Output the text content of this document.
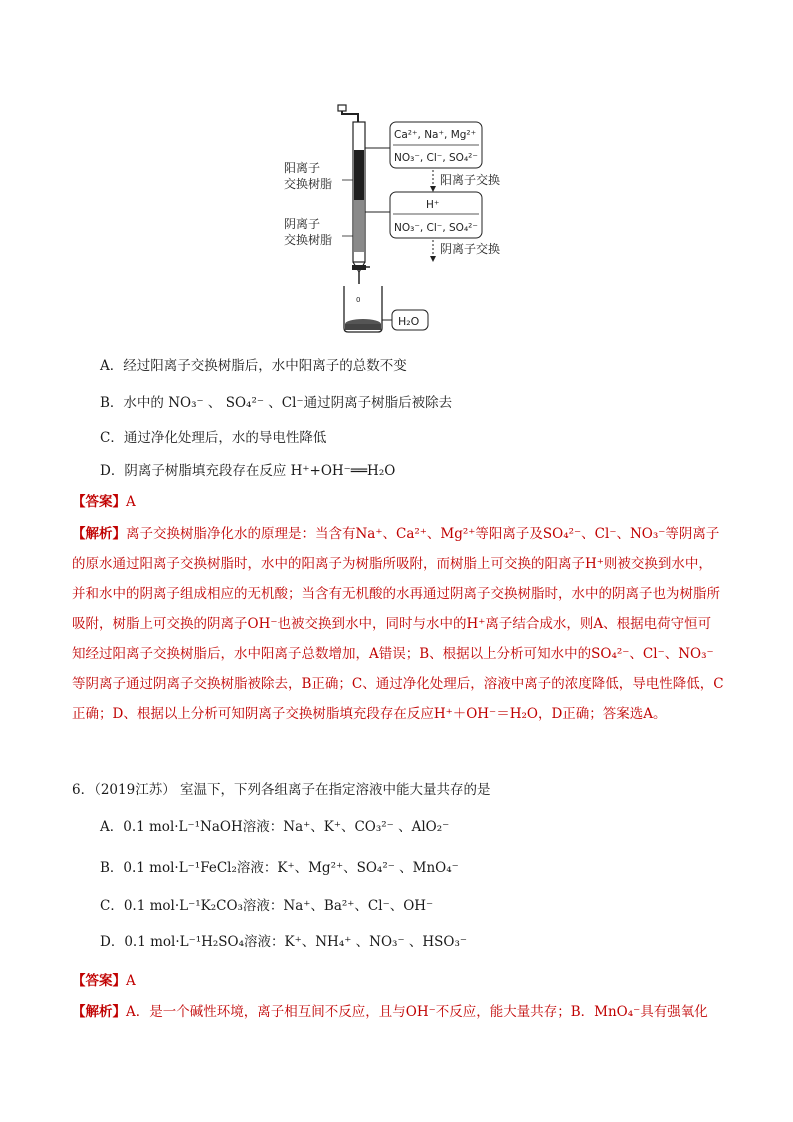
0
H₂O
阳离子
交换树脂
阴离子
交换树脂
Ca²⁺, Na⁺, Mg²⁺
NO₃⁻, Cl⁻, SO₄²⁻
阳离子交换
H⁺
NO₃⁻, Cl⁻, SO₄²⁻
阴离子交换
A．经过阳离子交换树脂后，水中阳离子的总数不变
B．水中的 NO₃⁻ 、 SO₄²⁻ 、Cl⁻通过阴离子树脂后被除去
C．通过净化处理后，水的导电性降低
D．阴离子树脂填充段存在反应 H⁺+OH⁻══H₂O
【答案】A
【解析】离子交换树脂净化水的原理是：当含有Na⁺、Ca²⁺、Mg²⁺等阳离子及SO₄²⁻、Cl⁻、NO₃⁻等阴离子的原水通过阳离子交换树脂时，水中的阳离子为树脂所吸附，而树脂上可交换的阳离子H⁺则被交换到水中，并和水中的阴离子组成相应的无机酸；当含有无机酸的水再通过阴离子交换树脂时，水中的阴离子也为树脂所吸附，树脂上可交换的阴离子OH⁻也被交换到水中，同时与水中的H⁺离子结合成水，则A、根据电荷守恒可知经过阳离子交换树脂后，水中阳离子总数增加，A错误；B、根据以上分析可知水中的SO₄²⁻、Cl⁻、NO₃⁻等阴离子通过阴离子交换树脂被除去，B正确；C、通过净化处理后，溶液中离子的浓度降低，导电性降低，C正确；D、根据以上分析可知阴离子交换树脂填充段存在反应H⁺＋OH⁻＝H₂O，D正确；答案选A。
6．（2019江苏） 室温下，下列各组离子在指定溶液中能大量共存的是
A．0.1 mol·L⁻¹NaOH溶液：Na⁺、K⁺、CO₃²⁻ 、AlO₂⁻
B．0.1 mol·L⁻¹FeCl₂溶液：K⁺、Mg²⁺、SO₄²⁻ 、MnO₄⁻
C．0.1 mol·L⁻¹K₂CO₃溶液：Na⁺、Ba²⁺、Cl⁻、OH⁻
D．0.1 mol·L⁻¹H₂SO₄溶液：K⁺、NH₄⁺ 、NO₃⁻ 、HSO₃⁻
【答案】A
【解析】A．是一个碱性环境，离子相互间不反应，且与OH⁻不反应，能大量共存；B．MnO₄⁻具有强氧化
